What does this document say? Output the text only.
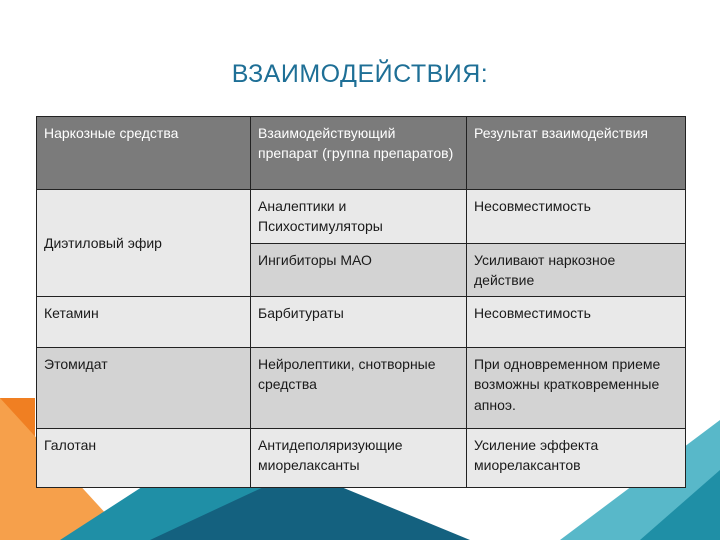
ВЗАИМОДЕЙСТВИЯ:
Наркозные средства	Взаимодействующий препарат (группа препаратов)	Результат взаимодействия
Диэтиловый эфир	Аналептики и Психостимуляторы	Несовместимость
	Ингибиторы МАО	Усиливают наркозное действие
Кетамин	Барбитураты	Несовместимость
Этомидат	Нейролептики, снотворные средства	При одновременном приеме возможны кратковременные апноэ.
Галотан	Антидеполяризующие миорелаксанты	Усиление эффекта миорелаксантов
